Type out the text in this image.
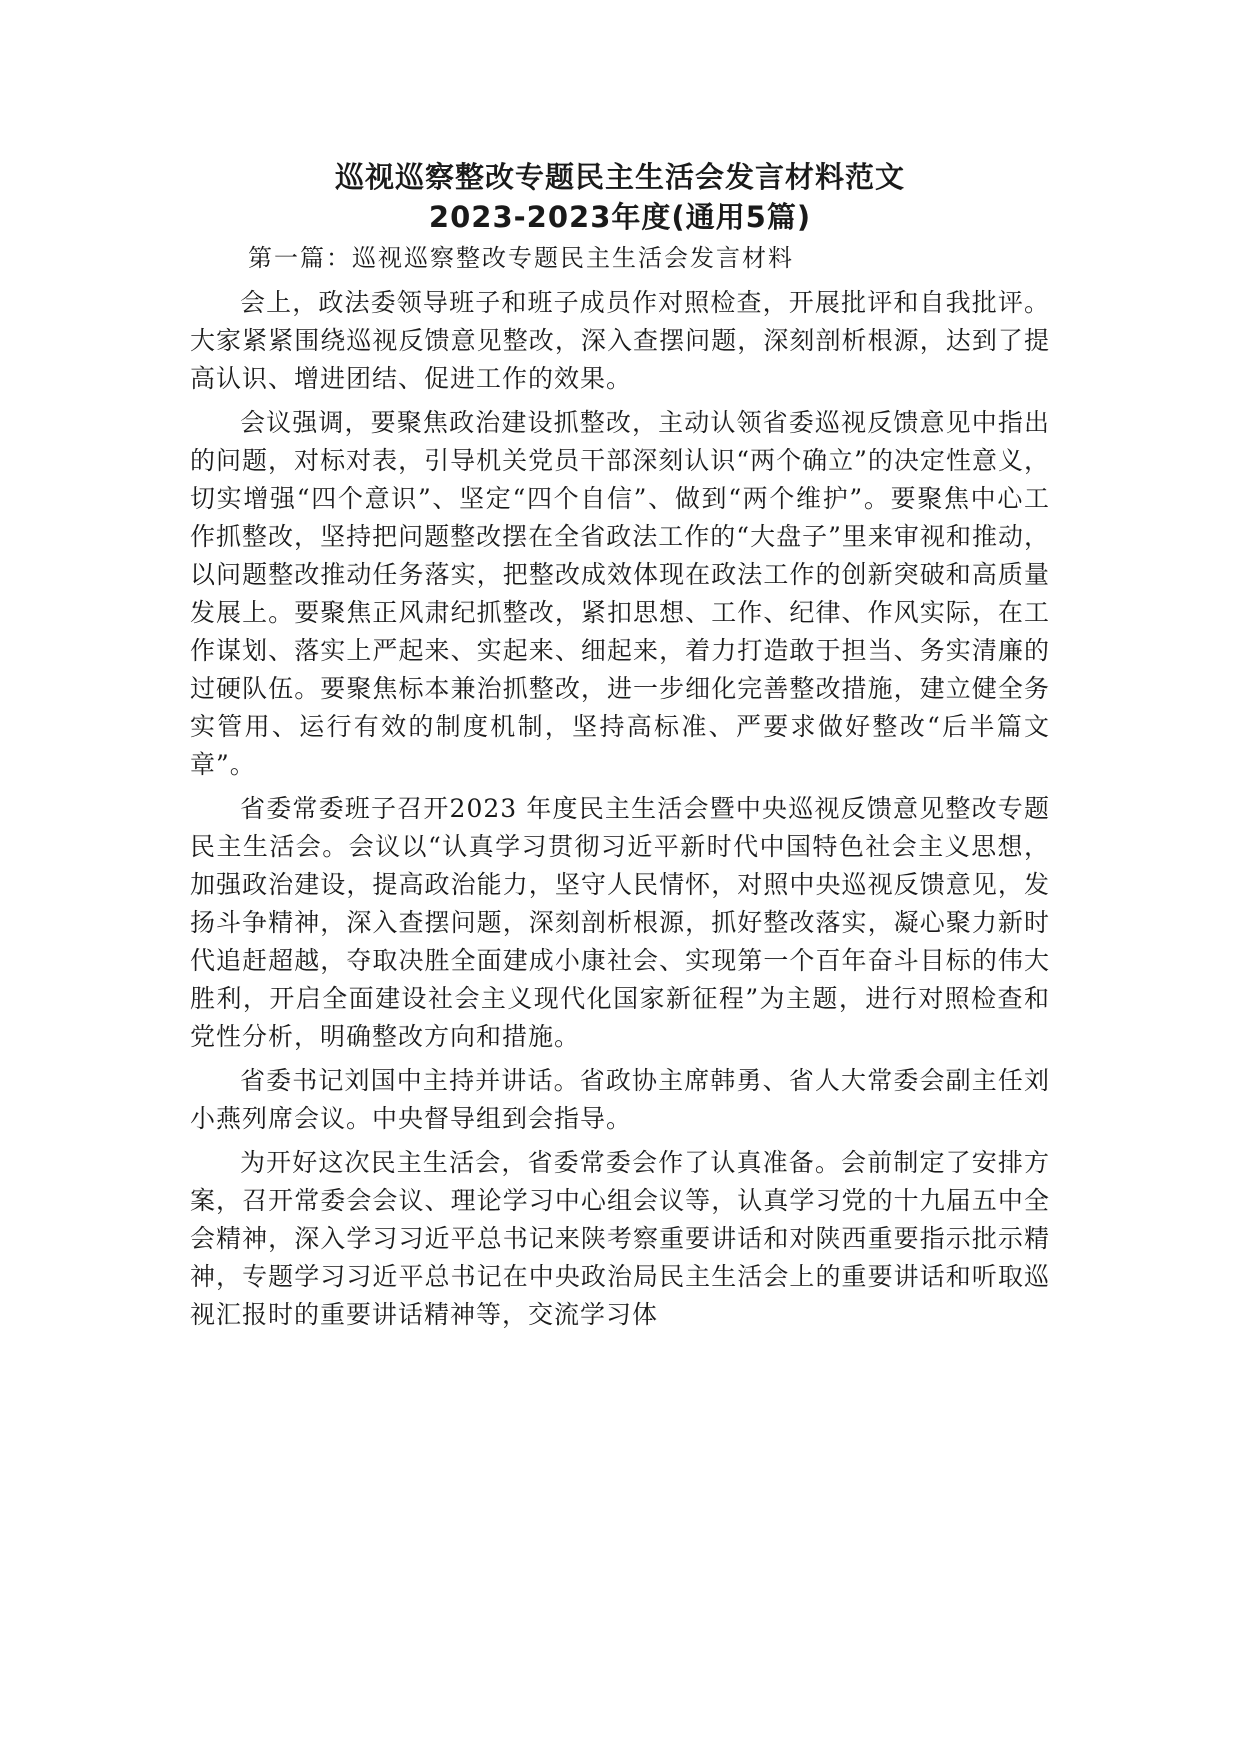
巡视巡察整改专题民主生活会发言材料范文
2023-2023年度(通用5篇)

第一篇：巡视巡察整改专题民主生活会发言材料

会上，政法委领导班子和班子成员作对照检查，开展批评和自我批评。大家紧紧围绕巡视反馈意见整改，深入查摆问题，深刻剖析根源，达到了提高认识、增进团结、促进工作的效果。

会议强调，要聚焦政治建设抓整改，主动认领省委巡视反馈意见中指出的问题，对标对表，引导机关党员干部深刻认识“两个确立”的决定性意义，切实增强“四个意识”、坚定“四个自信”、做到“两个维护”。要聚焦中心工作抓整改，坚持把问题整改摆在全省政法工作的“大盘子”里来审视和推动，以问题整改推动任务落实，把整改成效体现在政法工作的创新突破和高质量发展上。要聚焦正风肃纪抓整改，紧扣思想、工作、纪律、作风实际，在工作谋划、落实上严起来、实起来、细起来，着力打造敢于担当、务实清廉的过硬队伍。要聚焦标本兼治抓整改，进一步细化完善整改措施，建立健全务实管用、运行有效的制度机制，坚持高标准、严要求做好整改“后半篇文章”。

省委常委班子召开2023 年度民主生活会暨中央巡视反馈意见整改专题民主生活会。会议以“认真学习贯彻习近平新时代中国特色社会主义思想，加强政治建设，提高政治能力，坚守人民情怀，对照中央巡视反馈意见，发扬斗争精神，深入查摆问题，深刻剖析根源，抓好整改落实，凝心聚力新时代追赶超越，夺取决胜全面建成小康社会、实现第一个百年奋斗目标的伟大胜利，开启全面建设社会主义现代化国家新征程”为主题，进行对照检查和党性分析，明确整改方向和措施。

省委书记刘国中主持并讲话。省政协主席韩勇、省人大常委会副主任刘小燕列席会议。中央督导组到会指导。

为开好这次民主生活会，省委常委会作了认真准备。会前制定了安排方案，召开常委会会议、理论学习中心组会议等，认真学习党的十九届五中全会精神，深入学习习近平总书记来陕考察重要讲话和对陕西重要指示批示精神，专题学习习近平总书记在中央政治局民主生活会上的重要讲话和听取巡视汇报时的重要讲话精神等，交流学习体
